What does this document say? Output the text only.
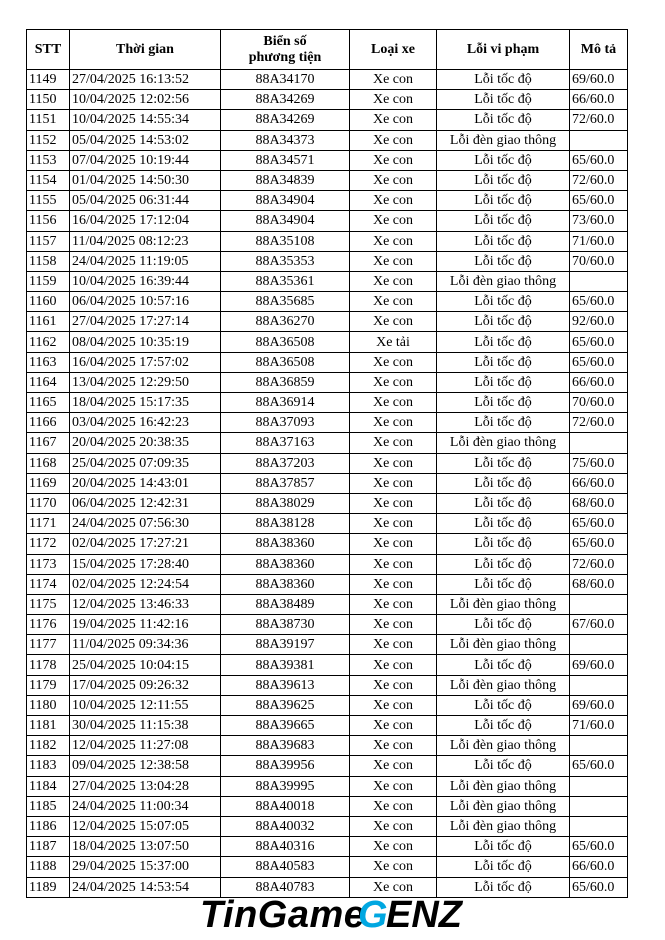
STT	Thời gian	Biển số
phương tiện	Loại xe	Lỗi vi phạm	Mô tả
1149	27/04/2025 16:13:52	88A34170	Xe con	Lỗi tốc độ	69/60.0
1150	10/04/2025 12:02:56	88A34269	Xe con	Lỗi tốc độ	66/60.0
1151	10/04/2025 14:55:34	88A34269	Xe con	Lỗi tốc độ	72/60.0
1152	05/04/2025 14:53:02	88A34373	Xe con	Lỗi đèn giao thông	
1153	07/04/2025 10:19:44	88A34571	Xe con	Lỗi tốc độ	65/60.0
1154	01/04/2025 14:50:30	88A34839	Xe con	Lỗi tốc độ	72/60.0
1155	05/04/2025 06:31:44	88A34904	Xe con	Lỗi tốc độ	65/60.0
1156	16/04/2025 17:12:04	88A34904	Xe con	Lỗi tốc độ	73/60.0
1157	11/04/2025 08:12:23	88A35108	Xe con	Lỗi tốc độ	71/60.0
1158	24/04/2025 11:19:05	88A35353	Xe con	Lỗi tốc độ	70/60.0
1159	10/04/2025 16:39:44	88A35361	Xe con	Lỗi đèn giao thông	
1160	06/04/2025 10:57:16	88A35685	Xe con	Lỗi tốc độ	65/60.0
1161	27/04/2025 17:27:14	88A36270	Xe con	Lỗi tốc độ	92/60.0
1162	08/04/2025 10:35:19	88A36508	Xe tải	Lỗi tốc độ	65/60.0
1163	16/04/2025 17:57:02	88A36508	Xe con	Lỗi tốc độ	65/60.0
1164	13/04/2025 12:29:50	88A36859	Xe con	Lỗi tốc độ	66/60.0
1165	18/04/2025 15:17:35	88A36914	Xe con	Lỗi tốc độ	70/60.0
1166	03/04/2025 16:42:23	88A37093	Xe con	Lỗi tốc độ	72/60.0
1167	20/04/2025 20:38:35	88A37163	Xe con	Lỗi đèn giao thông	
1168	25/04/2025 07:09:35	88A37203	Xe con	Lỗi tốc độ	75/60.0
1169	20/04/2025 14:43:01	88A37857	Xe con	Lỗi tốc độ	66/60.0
1170	06/04/2025 12:42:31	88A38029	Xe con	Lỗi tốc độ	68/60.0
1171	24/04/2025 07:56:30	88A38128	Xe con	Lỗi tốc độ	65/60.0
1172	02/04/2025 17:27:21	88A38360	Xe con	Lỗi tốc độ	65/60.0
1173	15/04/2025 17:28:40	88A38360	Xe con	Lỗi tốc độ	72/60.0
1174	02/04/2025 12:24:54	88A38360	Xe con	Lỗi tốc độ	68/60.0
1175	12/04/2025 13:46:33	88A38489	Xe con	Lỗi đèn giao thông	
1176	19/04/2025 11:42:16	88A38730	Xe con	Lỗi tốc độ	67/60.0
1177	11/04/2025 09:34:36	88A39197	Xe con	Lỗi đèn giao thông	
1178	25/04/2025 10:04:15	88A39381	Xe con	Lỗi tốc độ	69/60.0
1179	17/04/2025 09:26:32	88A39613	Xe con	Lỗi đèn giao thông	
1180	10/04/2025 12:11:55	88A39625	Xe con	Lỗi tốc độ	69/60.0
1181	30/04/2025 11:15:38	88A39665	Xe con	Lỗi tốc độ	71/60.0
1182	12/04/2025 11:27:08	88A39683	Xe con	Lỗi đèn giao thông	
1183	09/04/2025 12:38:58	88A39956	Xe con	Lỗi tốc độ	65/60.0
1184	27/04/2025 13:04:28	88A39995	Xe con	Lỗi đèn giao thông	
1185	24/04/2025 11:00:34	88A40018	Xe con	Lỗi đèn giao thông	
1186	12/04/2025 15:07:05	88A40032	Xe con	Lỗi đèn giao thông	
1187	18/04/2025 13:07:50	88A40316	Xe con	Lỗi tốc độ	65/60.0
1188	29/04/2025 15:37:00	88A40583	Xe con	Lỗi tốc độ	66/60.0
1189	24/04/2025 14:53:54	88A40783	Xe con	Lỗi tốc độ	65/60.0
TinGame
G
ENZ
